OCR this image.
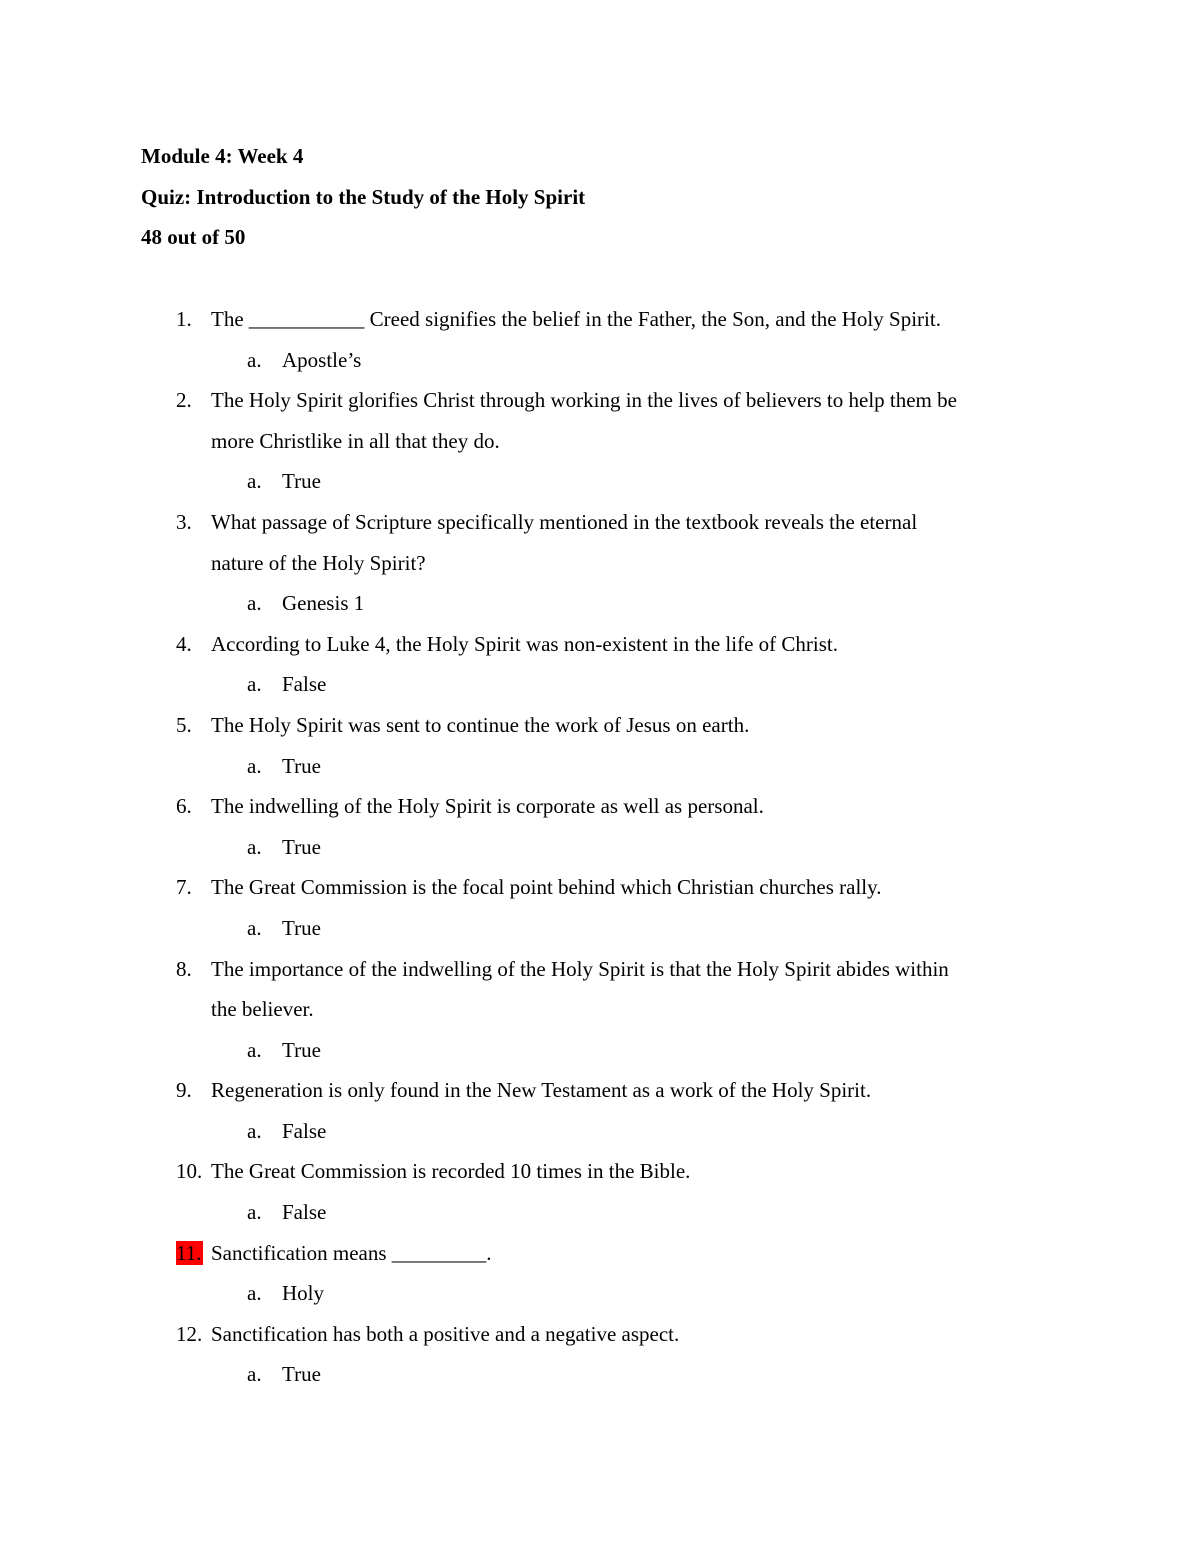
Module 4: Week 4
Quiz: Introduction to the Study of the Holy Spirit
48 out of 50
1. The ___________ Creed signifies the belief in the Father, the Son, and the Holy Spirit.
a. Apostle’s
2. The Holy Spirit glorifies Christ through working in the lives of believers to help them be
more Christlike in all that they do.
a. True
3. What passage of Scripture specifically mentioned in the textbook reveals the eternal
nature of the Holy Spirit?
a. Genesis 1
4. According to Luke 4, the Holy Spirit was non-existent in the life of Christ.
a. False
5. The Holy Spirit was sent to continue the work of Jesus on earth.
a. True
6. The indwelling of the Holy Spirit is corporate as well as personal.
a. True
7. The Great Commission is the focal point behind which Christian churches rally.
a. True
8. The importance of the indwelling of the Holy Spirit is that the Holy Spirit abides within
the believer.
a. True
9. Regeneration is only found in the New Testament as a work of the Holy Spirit.
a. False
10. The Great Commission is recorded 10 times in the Bible.
a. False
11. Sanctification means _________.
a. Holy
12. Sanctification has both a positive and a negative aspect.
a. True
